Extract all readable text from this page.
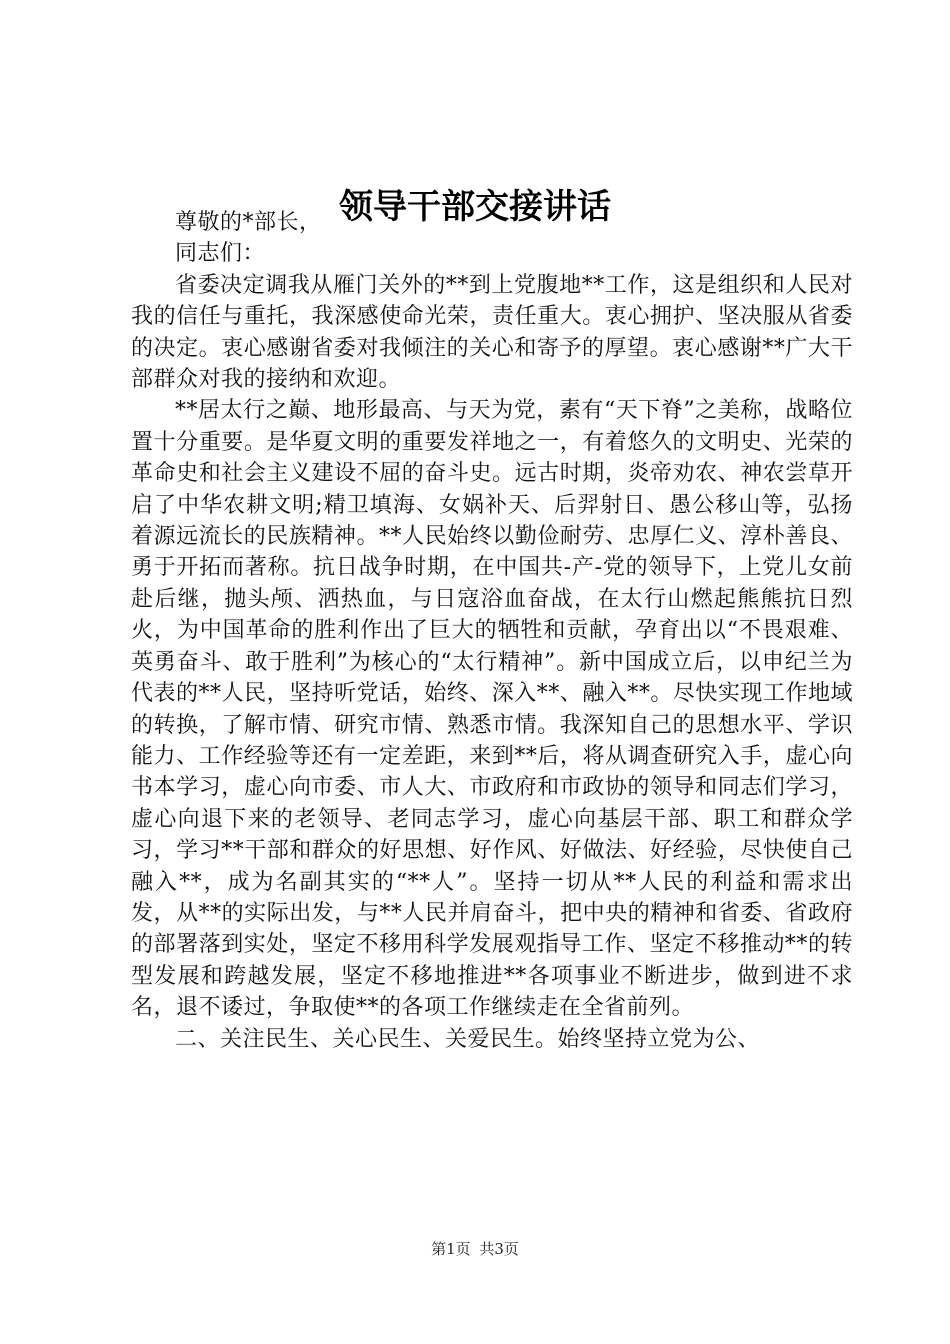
领导干部交接讲话

尊敬的*部长，

同志们：

省委决定调我从雁门关外的**到上党腹地**工作，这是组织和人民对我的信任与重托，我深感使命光荣，责任重大。衷心拥护、坚决服从省委的决定。衷心感谢省委对我倾注的关心和寄予的厚望。衷心感谢**广大干部群众对我的接纳和欢迎。

**居太行之巅、地形最高、与天为党，素有“天下脊”之美称，战略位置十分重要。是华夏文明的重要发祥地之一，有着悠久的文明史、光荣的革命史和社会主义建设不屈的奋斗史。远古时期，炎帝劝农、神农尝草开启了中华农耕文明;精卫填海、女娲补天、后羿射日、愚公移山等，弘扬着源远流长的民族精神。**人民始终以勤俭耐劳、忠厚仁义、淳朴善良、勇于开拓而著称。抗日战争时期，在中国共-产-党的领导下，上党儿女前赴后继，抛头颅、洒热血，与日寇浴血奋战，在太行山燃起熊熊抗日烈火，为中国革命的胜利作出了巨大的牺牲和贡献，孕育出以“不畏艰难、英勇奋斗、敢于胜利”为核心的“太行精神”。新中国成立后，以申纪兰为代表的**人民，坚持听党话，始终、深入**、融入**。尽快实现工作地域的转换，了解市情、研究市情、熟悉市情。我深知自己的思想水平、学识能力、工作经验等还有一定差距，来到**后，将从调查研究入手，虚心向书本学习，虚心向市委、市人大、市政府和市政协的领导和同志们学习，虚心向退下来的老领导、老同志学习，虚心向基层干部、职工和群众学习，学习**干部和群众的好思想、好作风、好做法、好经验，尽快使自己融入**，成为名副其实的“**人”。坚持一切从**人民的利益和需求出发，从**的实际出发，与**人民并肩奋斗，把中央的精神和省委、省政府的部署落到实处，坚定不移用科学发展观指导工作、坚定不移推动**的转型发展和跨越发展，坚定不移地推进**各项事业不断进步，做到进不求名，退不诿过，争取使**的各项工作继续走在全省前列。

二、关注民生、关心民生、关爱民生。始终坚持立党为公、

第1页 共3页
